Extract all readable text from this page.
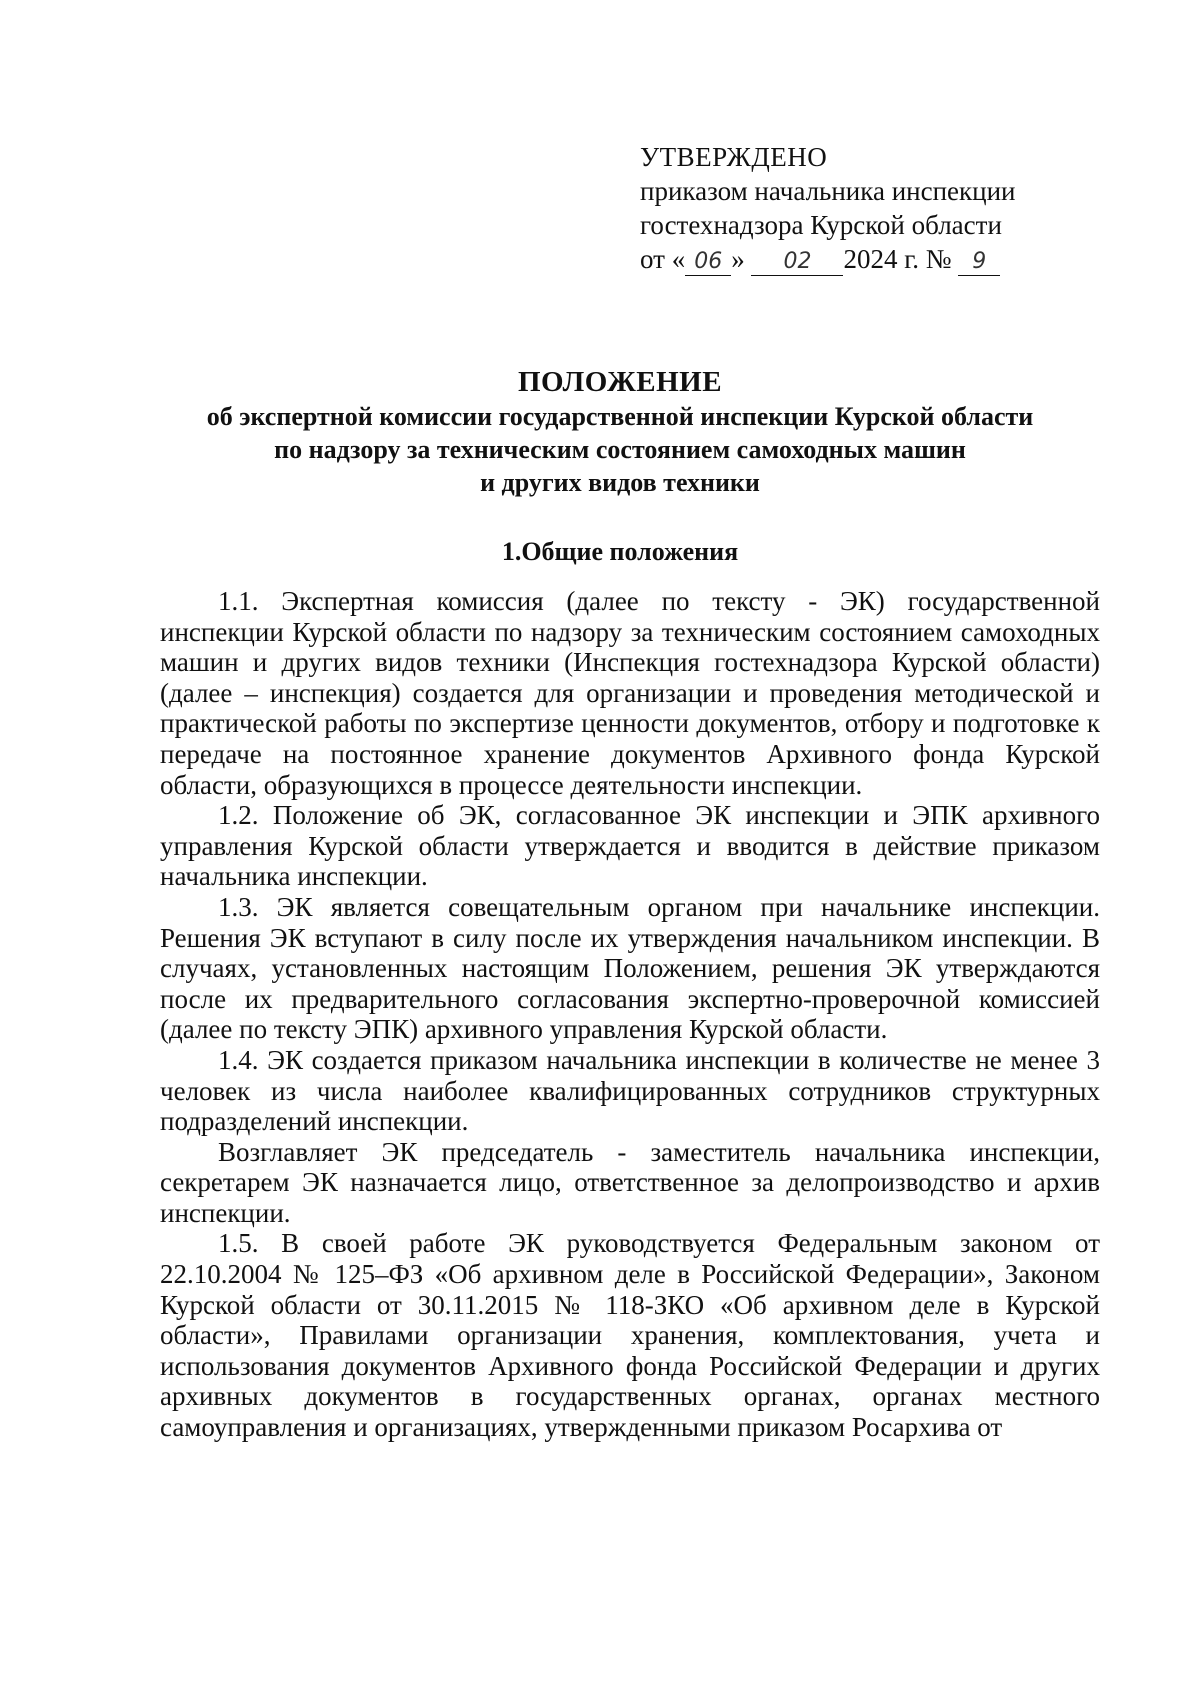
УТВЕРЖДЕНО
приказом начальника инспекции
гостехнадзора Курской области
от « 06 » 02 2024 г. № 9
ПОЛОЖЕНИЕ
об экспертной комиссии государственной инспекции Курской области
по надзору за техническим состоянием самоходных машин
и других видов техники
1.Общие положения

1.1. Экспертная комиссия (далее по тексту - ЭК) государственной инспекции Курской области по надзору за техническим состоянием самоходных машин и других видов техники (Инспекция гостехнадзора Курской области) (далее – инспекция) создается для организации и проведения методической и практической работы по экспертизе ценности документов, отбору и подготовке к передаче на постоянное хранение документов Архивного фонда Курской области, образующихся в процессе деятельности инспекции.

1.2. Положение об ЭК, согласованное ЭК инспекции и ЭПК архивного управления Курской области утверждается и вводится в действие приказом начальника инспекции.

1.3. ЭК является совещательным органом при начальнике инспекции. Решения ЭК вступают в силу после их утверждения начальником инспекции. В случаях, установленных настоящим Положением, решения ЭК утверждаются после их предварительного согласования экспертно-проверочной комиссией (далее по тексту ЭПК) архивного управления Курской области.

1.4. ЭК создается приказом начальника инспекции в количестве не менее 3 человек из числа наиболее квалифицированных сотрудников структурных подразделений инспекции.

Возглавляет ЭК председатель - заместитель начальника инспекции, секретарем ЭК назначается лицо, ответственное за делопроизводство и архив инспекции.

1.5. В своей работе ЭК руководствуется Федеральным законом от 22.10.2004 № 125–ФЗ «Об архивном деле в Российской Федерации», Законом Курской области от 30.11.2015 № 118-ЗКО «Об архивном деле в Курской области», Правилами организации хранения, комплектования, учета и использования документов Архивного фонда Российской Федерации и других архивных документов в государственных органах, органах местного самоуправления и организациях, утвержденными приказом Росархива от
